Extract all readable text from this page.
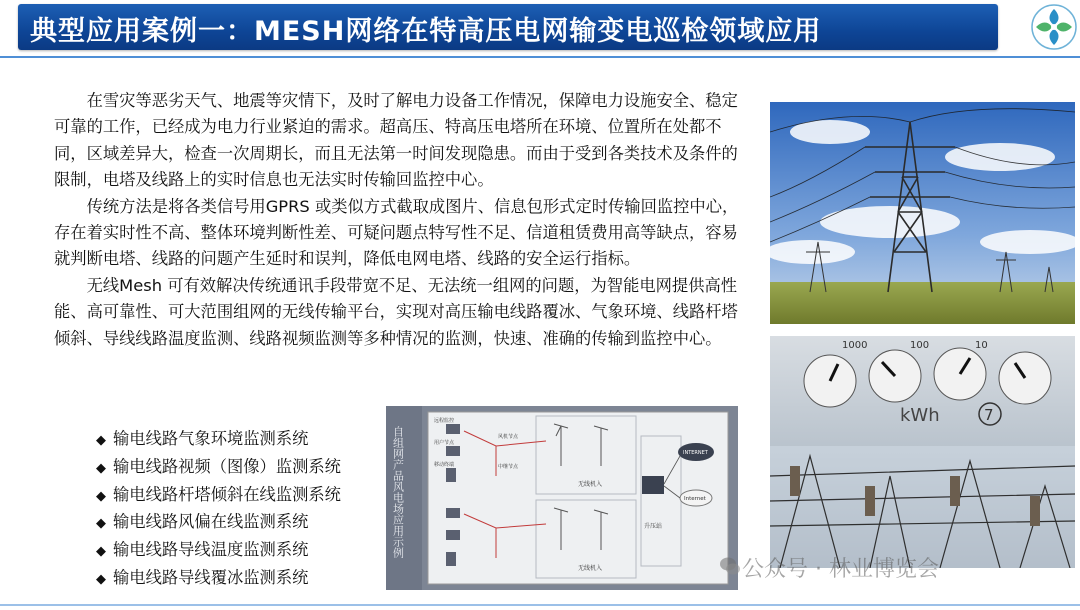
典型应用案例一：MESH网络在特高压电网输变电巡检领域应用

在雪灾等恶劣天气、地震等灾情下，及时了解电力设备工作情况，保障电力设施安全、稳定可靠的工作，已经成为电力行业紧迫的需求。超高压、特高压电塔所在环境、位置所在处都不同，区域差异大，检查一次周期长，而且无法第一时间发现隐患。而由于受到各类技术及条件的限制，电塔及线路上的实时信息也无法实时传输回监控中心。

传统方法是将各类信号用GPRS 或类似方式截取成图片、信息包形式定时传输回监控中心，存在着实时性不高、整体环境判断性差、可疑问题点特写性不足、信道租赁费用高等缺点，容易就判断电塔、线路的问题产生延时和误判，降低电网电塔、线路的安全运行指标。

无线Mesh 可有效解决传统通讯手段带宽不足、无法统一组网的问题，为智能电网提供高性能、高可靠性、可大范围组网的无线传输平台，实现对高压输电线路覆冰、气象环境、线路杆塔倾斜、导线线路温度监测、线路视频监测等多种情况的监测，快速、准确的传输到监控中心。

◆ 输电线路气象环境监测系统
◆ 输电线路视频（图像）监测系统
◆ 输电线路杆塔倾斜在线监测系统
◆ 输电线路风偏在线监测系统
◆ 输电线路导线温度监测系统
◆ 输电线路导线覆冰监测系统
1000	100	10
kWh	7
自组网产品风电场应用示例	无线机入
无线机入
升压站
INTERNET
Internet
远程监控
用户节点
移动终端
风机节点
中继节点
公众号 · 林业博览会
